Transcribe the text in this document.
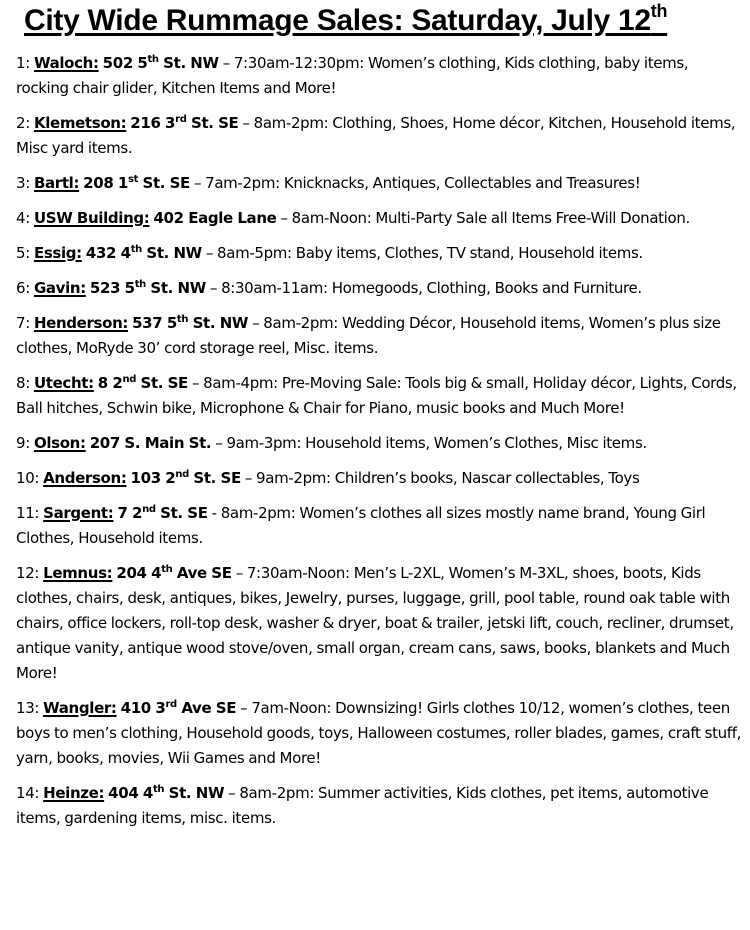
City Wide Rummage Sales: Saturday, July 12th
1: Waloch: 502 5th St. NW – 7:30am-12:30pm: Women’s clothing, Kids clothing, baby items, rocking chair glider, Kitchen Items and More!
2: Klemetson: 216 3rd St. SE – 8am-2pm: Clothing, Shoes, Home décor, Kitchen, Household items, Misc yard items.
3: Bartl: 208 1st St. SE – 7am-2pm: Knicknacks, Antiques, Collectables and Treasures!
4: USW Building: 402 Eagle Lane – 8am-Noon: Multi-Party Sale all Items Free-Will Donation.
5: Essig: 432 4th St. NW – 8am-5pm: Baby items, Clothes, TV stand, Household items.
6: Gavin: 523 5th St. NW – 8:30am-11am: Homegoods, Clothing, Books and Furniture.
7: Henderson: 537 5th St. NW – 8am-2pm: Wedding Décor, Household items, Women’s plus size clothes, MoRyde 30’ cord storage reel, Misc. items.
8: Utecht: 8 2nd St. SE – 8am-4pm: Pre-Moving Sale: Tools big & small, Holiday décor, Lights, Cords, Ball hitches, Schwin bike, Microphone & Chair for Piano, music books and Much More!
9: Olson: 207 S. Main St. – 9am-3pm: Household items, Women’s Clothes, Misc items.
10: Anderson: 103 2nd St. SE – 9am-2pm: Children’s books, Nascar collectables, Toys
11: Sargent: 7 2nd St. SE - 8am-2pm: Women’s clothes all sizes mostly name brand, Young Girl Clothes, Household items.
12: Lemnus: 204 4th Ave SE – 7:30am-Noon: Men’s L-2XL, Women’s M-3XL, shoes, boots, Kids clothes, chairs, desk, antiques, bikes, Jewelry, purses, luggage, grill, pool table, round oak table with chairs, office lockers, roll-top desk, washer & dryer, boat & trailer, jetski lift, couch, recliner, drumset, antique vanity, antique wood stove/oven, small organ, cream cans, saws, books, blankets and Much More!
13: Wangler: 410 3rd Ave SE – 7am-Noon: Downsizing! Girls clothes 10/12, women’s clothes, teen boys to men’s clothing, Household goods, toys, Halloween costumes, roller blades, games, craft stuff, yarn, books, movies, Wii Games and More!
14: Heinze: 404 4th St. NW – 8am-2pm: Summer activities, Kids clothes, pet items, automotive items, gardening items, misc. items.
